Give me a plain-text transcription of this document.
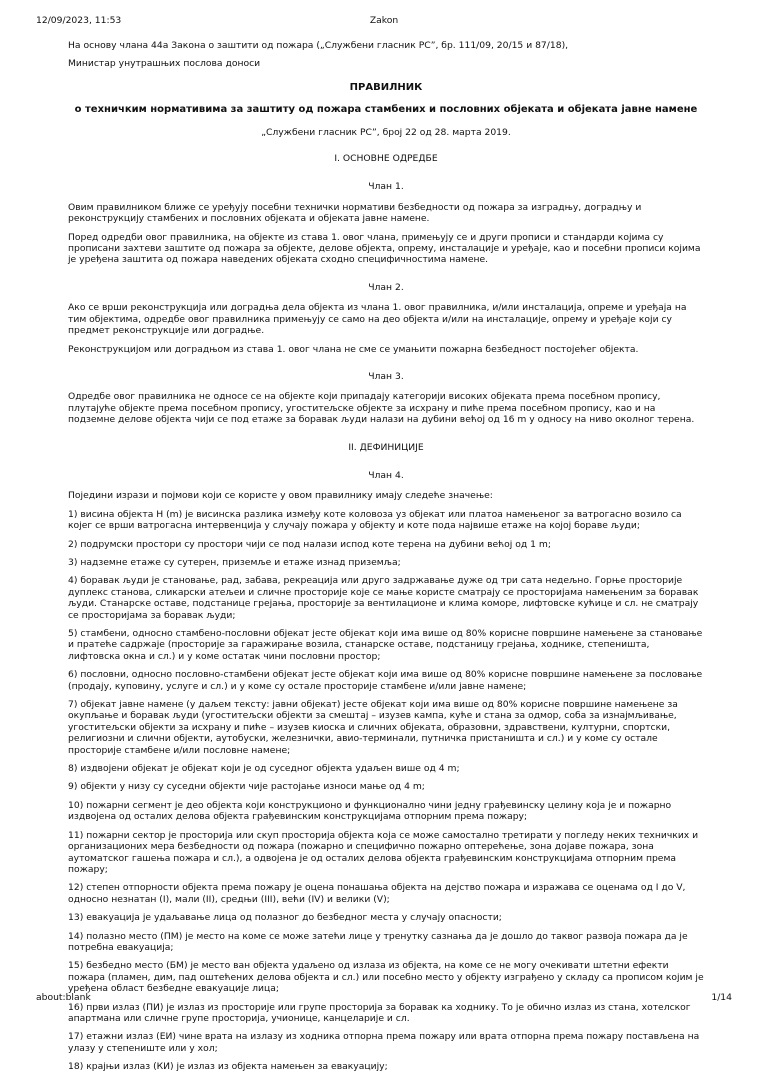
12/09/2023, 11:53	Zakon

На основу члана 44а Закона о заштити од пожара („Службени гласник РС”, бр. 111/09, 20/15 и 87/18),

Министар унутрашњих послова доноси

ПРАВИЛНИК

о техничким нормативима за заштиту од пожара стамбених и пословних објеката и објеката јавне намене

„Службени гласник РС”, број 22 од 28. марта 2019.

I. ОСНОВНЕ ОДРЕДБЕ

Члан 1.

Овим правилником ближе се уређују посебни технички нормативи безбедности од пожара за изградњу, доградњу и реконструкцију стамбених и пословних објеката и објеката јавне намене.

Поред одредби овог правилника, на објекте из става 1. овог члана, примењују се и други прописи и стандарди којима су прописани захтеви заштите од пожара за објекте, делове објекта, опрему, инсталације и уређаје, као и посебни прописи којима је уређена заштита од пожара наведених објеката сходно специфичностима намене.

Члан 2.

Ако се врши реконструкција или доградња дела објекта из члана 1. овог правилника, и/или инсталација, опреме и уређаја на тим објектима, одредбе овог правилника примењују се само на део објекта и/или на инсталације, опрему и уређаје који су предмет реконструкције или доградње.

Реконструкцијом или доградњом из става 1. овог члана не сме се умањити пожарна безбедност постојећег објекта.

Члан 3.

Одредбе овог правилника не односе се на објекте који припадају категорији високих објеката према посебном пропису, плутајуће објекте према посебном пропису, угоститељске објекте за исхрану и пиће према посебном пропису, као и на подземне делове објекта чији се под етаже за боравак људи налази на дубини већој од 16 m у односу на ниво околног терена.

II. ДЕФИНИЦИЈЕ

Члан 4.

Поједини изрази и појмови који се користе у овом правилнику имају следеће значење:

1) висина објекта H (m) је висинска разлика између коте коловоза уз објекат или платоа намењеног за ватрогасно возило са којег се врши ватрогасна интервенција у случају пожара у објекту и коте пода највише етаже на којој бораве људи;

2) подрумски простори су простори чији се под налази испод коте терена на дубини већој од 1 m;

3) надземне етаже су сутерен, приземље и етаже изнад приземља;

4) боравак људи је становање, рад, забава, рекреација или друго задржавање дуже од три сата недељно. Горње просторије дуплекс станова, сликарски атељеи и сличне просторије које се мање користе сматрају се просторијама намењеним за боравак људи. Станарске оставе, подстанице грејања, просторије за вентилационе и клима коморе, лифтовске кућице и сл. не сматрају се просторијама за боравак људи;

5) стамбени, односно стамбено-пословни објекат јесте објекат који има више од 80% корисне површине намењене за становање и пратеће садржаје (просторије за гаражирање возила, станарске оставе, подстаницу грејања, ходнике, степеништа, лифтовска окна и сл.) и у коме остатак чини пословни простор;

6) пословни, односно пословно-стамбени објекат јесте објекат који има више од 80% корисне површине намењене за пословање (продају, куповину, услуге и сл.) и у коме су остале просторије стамбене и/или јавне намене;

7) објекат јавне намене (у даљем тексту: јавни објекат) јесте објекат који има више од 80% корисне површине намењене за окупљање и боравак људи (угоститељски објекти за смештај – изузев кампа, куће и стана за одмор, соба за изнајмљивање, угоститељски објекти за исхрану и пиће – изузев киоска и сличних објеката, образовни, здравствени, културни, спортски, религиозни и слични објекти, аутобуски, железнички, авио-терминали, путничка пристаништа и сл.) и у коме су остале просторије стамбене и/или пословне намене;

8) издвојени објекат је објекат који је од суседног објекта удаљен више од 4 m;

9) објекти у низу су суседни објекти чије растојање износи мање од 4 m;

10) пожарни сегмент је део објекта који конструкционо и функционално чини једну грађевинску целину која је и пожарно издвојена од осталих делова објекта грађевинским конструкцијама отпорним према пожару;

11) пожарни сектор је просторија или скуп просторија објекта која се може самостално третирати у погледу неких техничких и организационих мера безбедности од пожара (пожарно и специфично пожарно оптерећење, зона дојаве пожара, зона аутоматског гашења пожара и сл.), а одвојена је од осталих делова објекта грађевинским конструкцијама отпорним према пожару;

12) степен отпорности објекта према пожару је оцена понашања објекта на дејство пожара и изражава се оценама од I до V, односно незнатан (I), мали (II), средњи (III), већи (IV) и велики (V);

13) евакуација је удаљавање лица од полазног до безбедног места у случају опасности;

14) полазно место (ПМ) је место на коме се може затећи лице у тренутку сазнања да је дошло до таквог развоја пожара да је потребна евакуација;

15) безбедно место (БМ) је место ван објекта удаљено од излаза из објекта, на коме се не могу очекивати штетни ефекти пожара (пламен, дим, пад оштећених делова објекта и сл.) или посебно место у објекту изграђено у складу са прописом којим је уређена област безбедне евакуације лица;

16) први излаз (ПИ) је излаз из просторије или групе просторија за боравак ка ходнику. То је обично излаз из стана, хотелског апартмана или сличне групе просторија, учионице, канцеларије и сл.

17) етажни излаз (ЕИ) чине врата на излазу из ходника отпорна према пожару или врата отпорна према пожару постављена на улазу у степениште или у хол;

18) крајњи излаз (КИ) је излаз из објекта намењен за евакуацију;

about:blank	1/14
